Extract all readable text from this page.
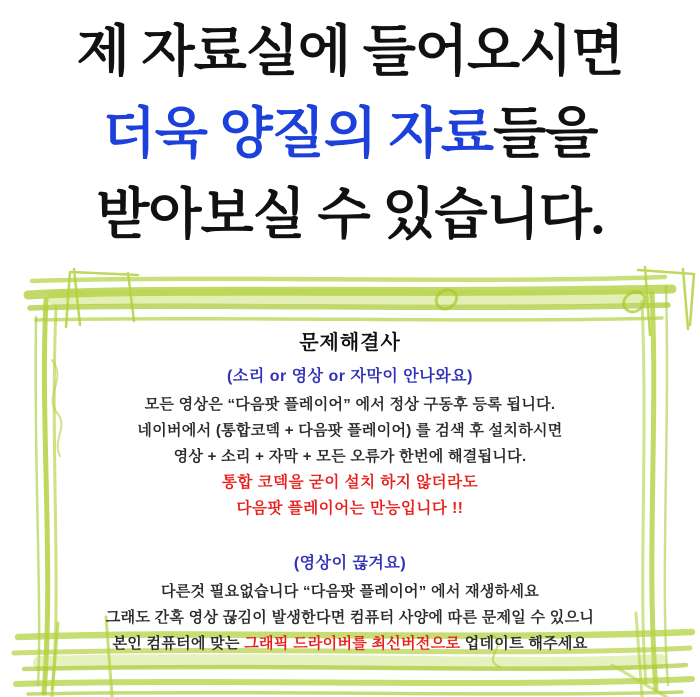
제 자료실에 들어오시면
더욱 양질의 자료들을
받아보실 수 있습니다.
문제해결사
(소리 or 영상 or 자막이 안나와요)

모든 영상은 “다음팟 플레이어” 에서 정상 구동후 등록 됩니다.

네이버에서 (통합코덱 + 다음팟 플레이어) 를 검색 후 설치하시면

영상 + 소리 + 자막 + 모든 오류가 한번에 해결됩니다.

통합 코덱을 굳이 설치 하지 않더라도

다음팟 플레이어는 만능입니다 !!

(영상이 끊겨요)

다른것 필요없습니다 “다음팟 플레이어” 에서 재생하세요

그래도 간혹 영상 끊김이 발생한다면 컴퓨터 사양에 따른 문제일 수 있으니

본인 컴퓨터에 맞는 그래픽 드라이버를 최신버전으로 업데이트 해주세요
